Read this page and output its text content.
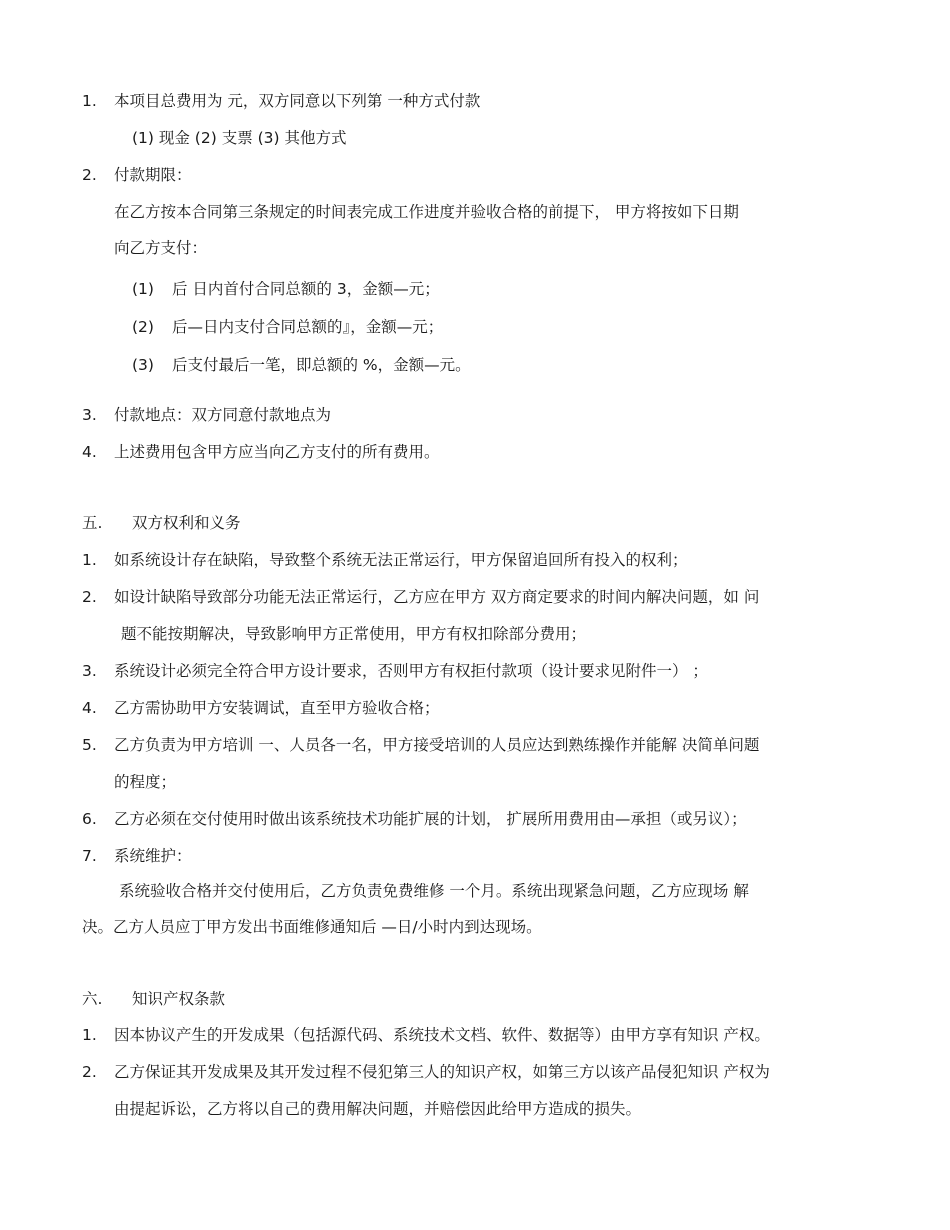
1. 本项目总费用为 元，双方同意以下列第 一种方式付款
(1) 现金 (2) 支票 (3) 其他方式
2. 付款期限：
在乙方按本合同第三条规定的时间表完成工作进度并验收合格的前提下， 甲方将按如下日期
向乙方支付：
(1) 后 日内首付合同总额的 3，金额—元；
(2) 后—日内支付合同总额的』，金额—元；
(3) 后支付最后一笔，即总额的 %，金额—元。
3. 付款地点：双方同意付款地点为
4. 上述费用包含甲方应当向乙方支付的所有费用。
五. 双方权利和义务
1. 如系统设计存在缺陷，导致整个系统无法正常运行，甲方保留追回所有投入的权利；
2. 如设计缺陷导致部分功能无法正常运行，乙方应在甲方 双方商定要求的时间内解决问题，如 问
题不能按期解决，导致影响甲方正常使用，甲方有权扣除部分费用；
3. 系统设计必须完全符合甲方设计要求，否则甲方有权拒付款项（设计要求见附件一） ；
4. 乙方需协助甲方安装调试，直至甲方验收合格；
5. 乙方负责为甲方培训 一、人员各一名，甲方接受培训的人员应达到熟练操作并能解 决简单问题
的程度；
6. 乙方必须在交付使用时做出该系统技术功能扩展的计划， 扩展所用费用由—承担（或另议）；
7. 系统维护：
系统验收合格并交付使用后，乙方负责免费维修 一个月。系统出现紧急问题，乙方应现场 解
决。乙方人员应丁甲方发出书面维修通知后 —日/小时内到达现场。
六. 知识产权条款
1. 因本协议产生的开发成果（包括源代码、系统技术文档、软件、数据等）由甲方享有知识 产权。
2. 乙方保证其开发成果及其开发过程不侵犯第三人的知识产权，如第三方以该产品侵犯知识 产权为
由提起诉讼，乙方将以自己的费用解决问题，并赔偿因此给甲方造成的损失。
